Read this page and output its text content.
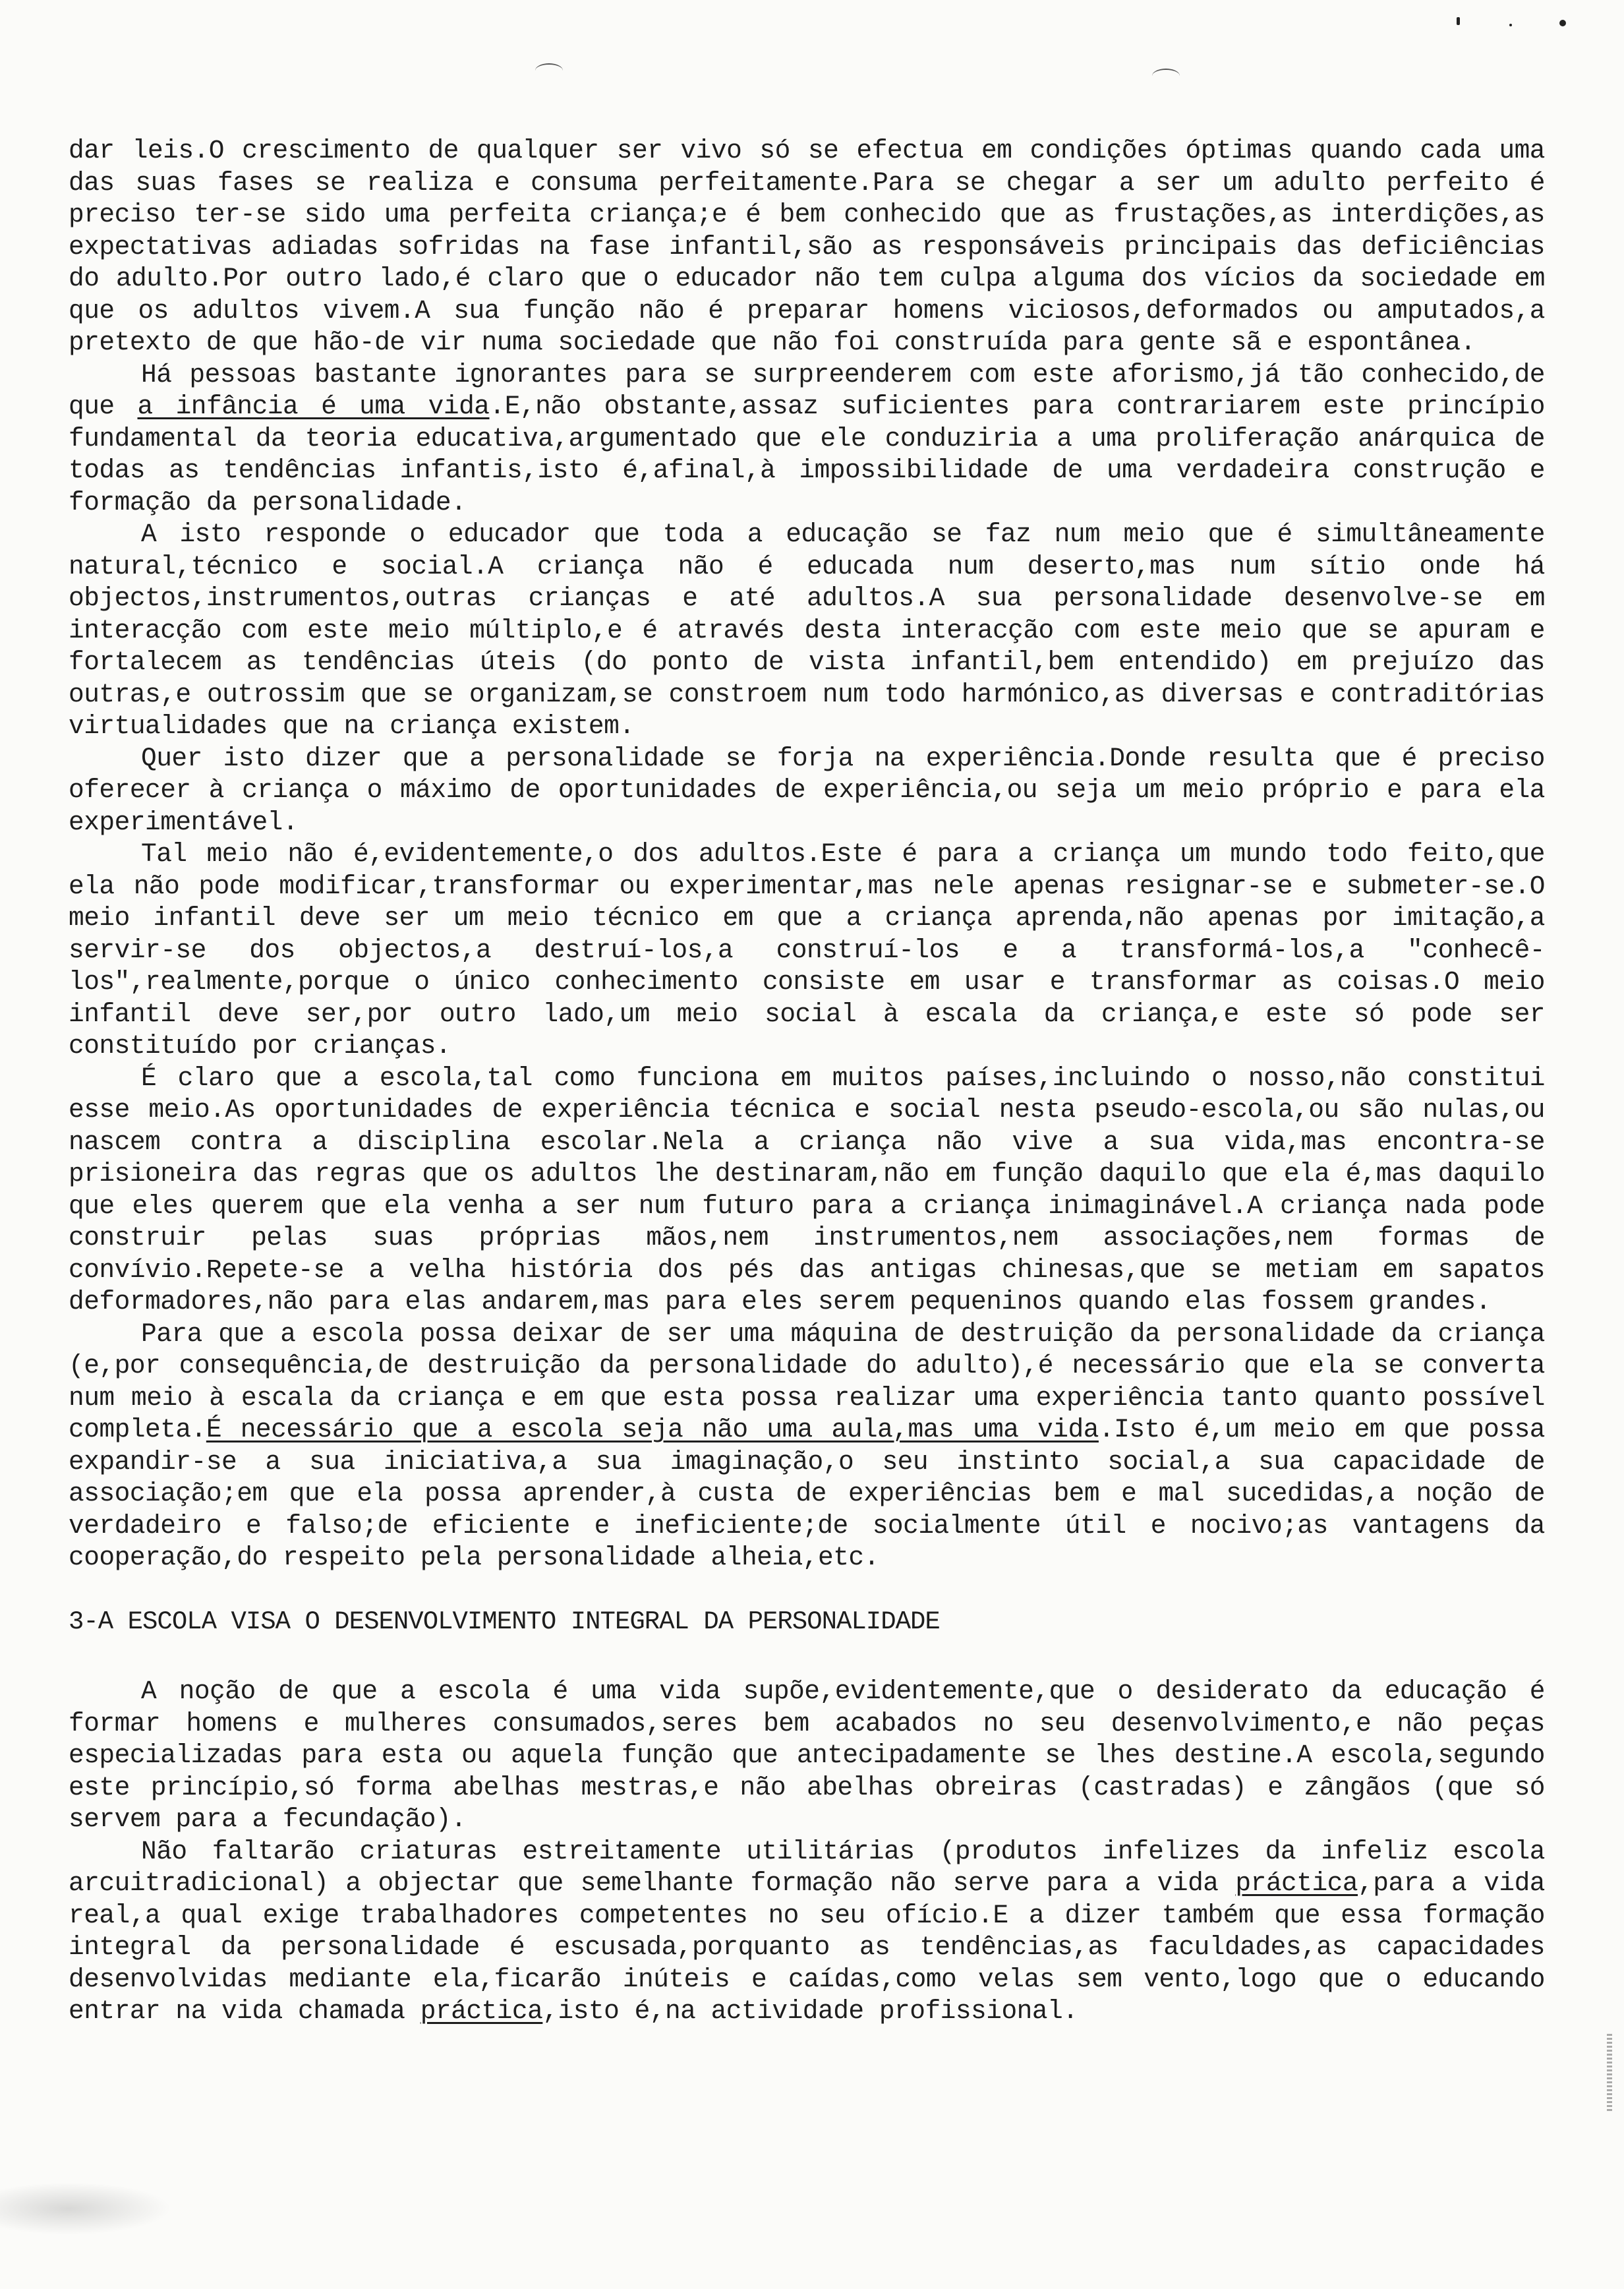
dar leis.O crescimento de qualquer ser vivo só se efectua em condições óptimas quando cada uma das suas fases se realiza e consuma perfeitamente.Para se chegar a ser um adulto perfeito é preciso ter-se sido uma perfeita criança;e é bem conhecido que as frustações,as interdições,as expectativas adiadas sofridas na fase infantil,são as responsáveis principais das deficiências do adulto.Por outro lado,é claro que o educador não tem culpa alguma dos vícios da sociedade em que os adultos vivem.A sua função não é preparar homens viciosos,deformados ou amputados,a pretexto de que hão-de vir numa sociedade que não foi construída para gente sã e espontânea.

Há pessoas bastante ignorantes para se surpreenderem com este aforismo,já tão conhecido,de que a infância é uma vida.E,não obstante,assaz suficientes para contrariarem este princípio fundamental da teoria educativa,argumentado que ele conduziria a uma proliferação anárquica de todas as tendências infantis,isto é,afinal,à impossibilidade de uma verdadeira construção e formação da personalidade.

A isto responde o educador que toda a educação se faz num meio que é simultâneamente natural,técnico e social.A criança não é educada num deserto,mas num sítio onde há objectos,instrumentos,outras crianças e até adultos.A sua personalidade desenvolve-se em interacção com este meio múltiplo,e é através desta interacção com este meio que se apuram e fortalecem as tendências úteis (do ponto de vista infantil,bem entendido) em prejuízo das outras,e outrossim que se organizam,se constroem num todo harmónico,as diversas e contraditórias virtualidades que na criança existem.

Quer isto dizer que a personalidade se forja na experiência.Donde resulta que é preciso oferecer à criança o máximo de oportunidades de experiência,ou seja um meio próprio e para ela experimentável.

Tal meio não é,evidentemente,o dos adultos.Este é para a criança um mundo todo feito,que ela não pode modificar,transformar ou experimentar,mas nele apenas resignar-se e submeter-se.O meio infantil deve ser um meio técnico em que a criança aprenda,não apenas por imitação,a servir-se dos objectos,a destruí-los,a construí-los e a transformá-los,a "conhecê-los",realmente,porque o único conhecimento consiste em usar e transformar as coisas.O meio infantil deve ser,por outro lado,um meio social à escala da criança,e este só pode ser constituído por crianças.

É claro que a escola,tal como funciona em muitos países,incluindo o nosso,não constitui esse meio.As oportunidades de experiência técnica e social nesta pseudo-escola,ou são nulas,ou nascem contra a disciplina escolar.Nela a criança não vive a sua vida,mas encontra-se prisioneira das regras que os adultos lhe destinaram,não em função daquilo que ela é,mas daquilo que eles querem que ela venha a ser num futuro para a criança inimaginável.A criança nada pode construir pelas suas próprias mãos,nem instrumentos,nem associações,nem formas de convívio.Repete-se a velha história dos pés das antigas chinesas,que se metiam em sapatos deformadores,não para elas andarem,mas para eles serem pequeninos quando elas fossem grandes.

Para que a escola possa deixar de ser uma máquina de destruição da personalidade da criança (e,por consequência,de destruição da personalidade do adulto),é necessário que ela se converta num meio à escala da criança e em que esta possa realizar uma experiência tanto quanto possível completa.É necessário que a escola seja não uma aula,mas uma vida.Isto é,um meio em que possa expandir-se a sua iniciativa,a sua imaginação,o seu instinto social,a sua capacidade de associação;em que ela possa aprender,à custa de experiências bem e mal sucedidas,a noção de verdadeiro e falso;de eficiente e ineficiente;de socialmente útil e nocivo;as vantagens da cooperação,do respeito pela personalidade alheia,etc.

3-A ESCOLA VISA O DESENVOLVIMENTO INTEGRAL DA PERSONALIDADE

A noção de que a escola é uma vida supõe,evidentemente,que o desiderato da educação é formar homens e mulheres consumados,seres bem acabados no seu desenvolvimento,e não peças especializadas para esta ou aquela função que antecipadamente se lhes destine.A escola,segundo este princípio,só forma abelhas mestras,e não abelhas obreiras (castradas) e zângãos (que só servem para a fecundação).

Não faltarão criaturas estreitamente utilitárias (produtos infelizes da infeliz escola arcuitradicional) a objectar que semelhante formação não serve para a vida práctica,para a vida real,a qual exige trabalhadores competentes no seu ofício.E a dizer também que essa formação integral da personalidade é escusada,porquanto as tendências,as faculdades,as capacidades desenvolvidas mediante ela,ficarão inúteis e caídas,como velas sem vento,logo que o educando entrar na vida chamada práctica,isto é,na actividade profissional.
